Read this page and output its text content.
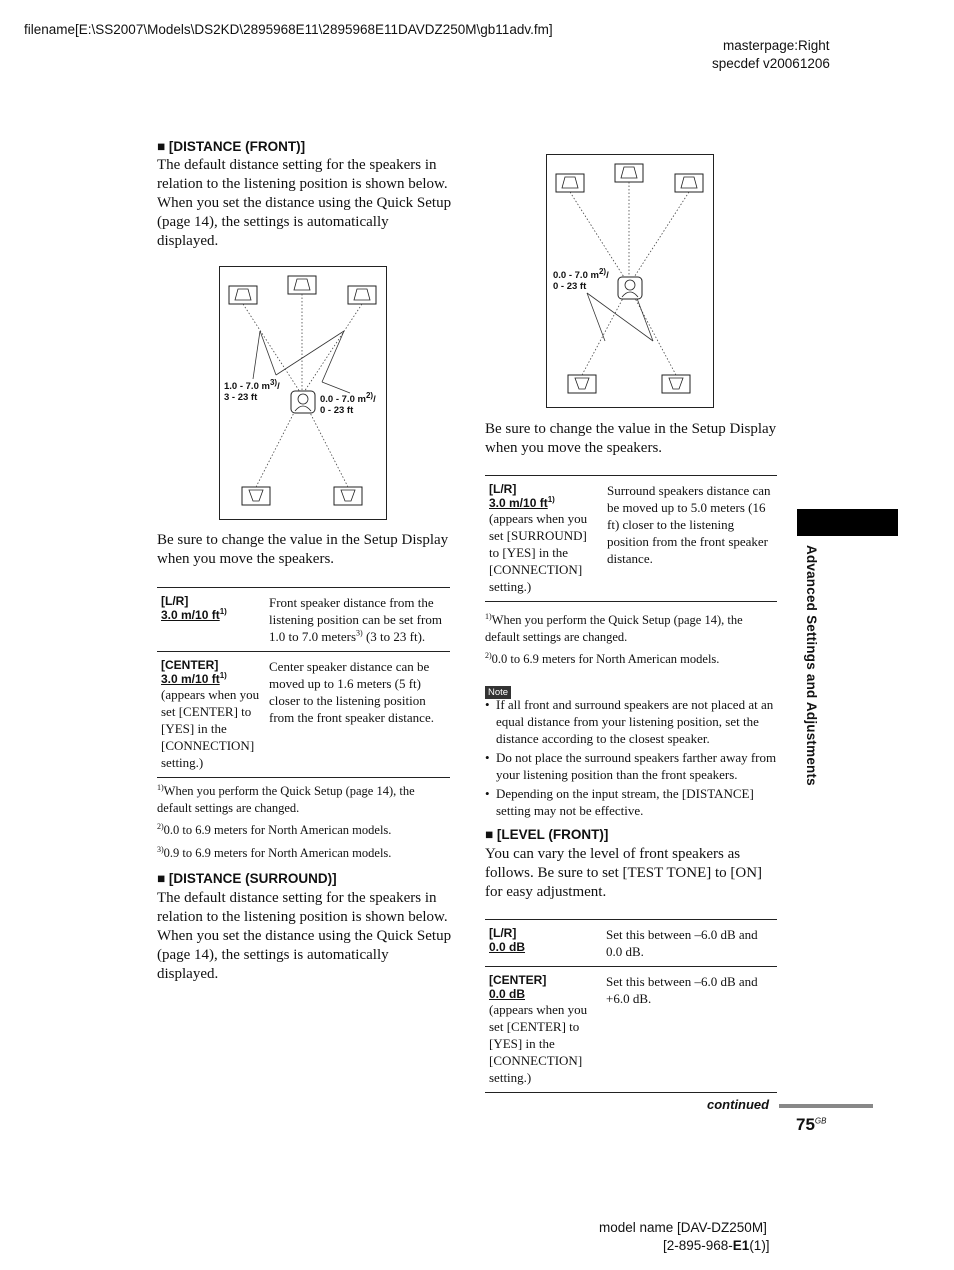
filename[E:\SS2007\Models\DS2KD\2895968E11\2895968E11DAVDZ250M\gb11adv.fm]
masterpage:Right
specdef v20061206
■ [DISTANCE (FRONT)]
The default distance setting for the speakers in relation to the listening position is shown below. When you set the distance using the Quick Setup (page 14), the settings is automatically displayed.
1.0 - 7.0 $m^{3)}/$
3 - 23 ft	0.0 - 7.0 $m^{2)}/$
0 - 23 ft
Be sure to change the value in the Setup Display when you move the speakers.
[L/R]
3.0 m/10 $ft^{1)}$	Front speaker distance from the listening position can be set from 1.0 to 7.0 meters$^{3)}$ (3 to 23 ft).

[CENTER]
3.0 m/10 $ft^{1)}$
(appears when you set [CENTER] to [YES] in the [CONNECTION] setting.)	Center speaker distance can be moved up to 1.6 meters (5 ft) closer to the listening position from the front speaker distance.
$^{1)}$When you perform the Quick Setup (page 14), the default settings are changed.
$^{2)}$0.0 to 6.9 meters for North American models.
$^{3)}$0.9 to 6.9 meters for North American models.
■ [DISTANCE (SURROUND)]
The default distance setting for the speakers in relation to the listening position is shown below. When you set the distance using the Quick Setup (page 14), the settings is automatically displayed.
0.0 - 7.0 $m^{2)}/$
0 - 23 ft
Be sure to change the value in the Setup Display when you move the speakers.
[L/R]
3.0 m/10 $ft^{1)}$
(appears when you set [SURROUND] to [YES] in the [CONNECTION] setting.)
	Surround speakers distance can be moved up to 5.0 meters (16 ft) closer to the listening position from the front speaker distance.
$^{1)}$When you perform the Quick Setup (page 14), the default settings are changed.
$^{2)}$0.0 to 6.9 meters for North American models.
Note
• If all front and surround speakers are not placed at an equal distance from your listening position, set the distance according to the closest speaker.
• Do not place the surround speakers farther away from your listening position than the front speakers.
• Depending on the input stream, the [DISTANCE] setting may not be effective.
■ [LEVEL (FRONT)]
You can vary the level of front speakers as follows. Be sure to set [TEST TONE] to [ON] for easy adjustment.
[L/R]
0.0 dB	Set this between –6.0 dB and 0.0 dB.

[CENTER]
0.0 dB
(appears when you set [CENTER] to [YES] in the [CONNECTION] setting.)	Set this between –6.0 dB and +6.0 dB.
Advanced Settings and Adjustments
continued
$75^{GB}$
model name [DAV-DZ250M]
[2-895-968-E1(1)]
